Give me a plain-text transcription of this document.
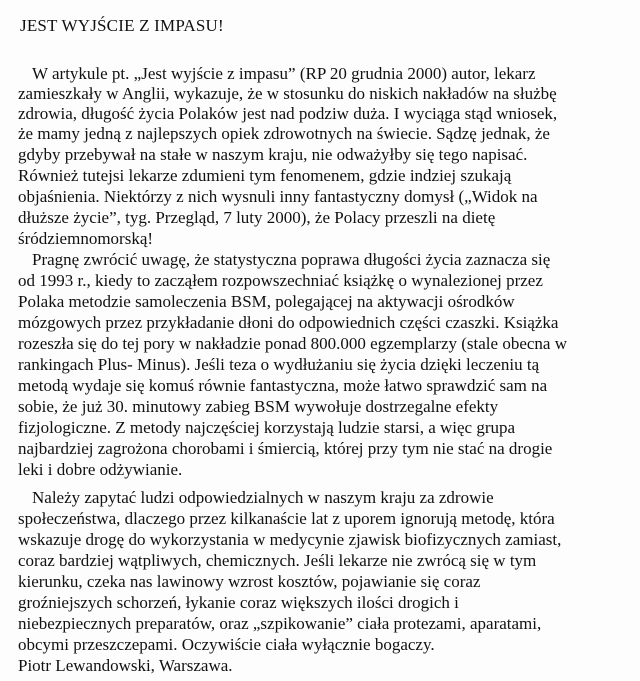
JEST WYJŚCIE Z IMPASU!
W artykule pt. „Jest wyjście z impasu” (RP 20 grudnia 2000) autor, lekarz
zamieszkały w Anglii, wykazuje, że w stosunku do niskich nakładów na służbę
zdrowia, długość życia Polaków jest nad podziw duża. I wyciąga stąd wniosek,
że mamy jedną z najlepszych opiek zdrowotnych na świecie. Sądzę jednak, że
gdyby przebywał na stałe w naszym kraju, nie odważyłby się tego napisać.
Również tutejsi lekarze zdumieni tym fenomenem, gdzie indziej szukają
objaśnienia. Niektórzy z nich wysnuli inny fantastyczny domysł („Widok na
dłuższe życie”, tyg. Przegląd, 7 luty 2000), że Polacy przeszli na dietę
śródziemnomorską!
Pragnę zwrócić uwagę, że statystyczna poprawa długości życia zaznacza się
od 1993 r., kiedy to zacząłem rozpowszechniać książkę o wynalezionej przez
Polaka metodzie samoleczenia BSM, polegającej na aktywacji ośrodków
mózgowych przez przykładanie dłoni do odpowiednich części czaszki. Książka
rozeszła się do tej pory w nakładzie ponad 800.000 egzemplarzy (stale obecna w
rankingach Plus- Minus). Jeśli teza o wydłużaniu się życia dzięki leczeniu tą
metodą wydaje się komuś równie fantastyczna, może łatwo sprawdzić sam na
sobie, że już 30. minutowy zabieg BSM wywołuje dostrzegalne efekty
fizjologiczne. Z metody najczęściej korzystają ludzie starsi, a więc grupa
najbardziej zagrożona chorobami i śmiercią, której przy tym nie stać na drogie
leki i dobre odżywianie.
Należy zapytać ludzi odpowiedzialnych w naszym kraju za zdrowie
społeczeństwa, dlaczego przez kilkanaście lat z uporem ignorują metodę, która
wskazuje drogę do wykorzystania w medycynie zjawisk biofizycznych zamiast,
coraz bardziej wątpliwych, chemicznych. Jeśli lekarze nie zwrócą się w tym
kierunku, czeka nas lawinowy wzrost kosztów, pojawianie się coraz
groźniejszych schorzeń, łykanie coraz większych ilości drogich i
niebezpiecznych preparatów, oraz „szpikowanie” ciała protezami, aparatami,
obcymi przeszczepami. Oczywiście ciała wyłącznie bogaczy.
Piotr Lewandowski, Warszawa.
